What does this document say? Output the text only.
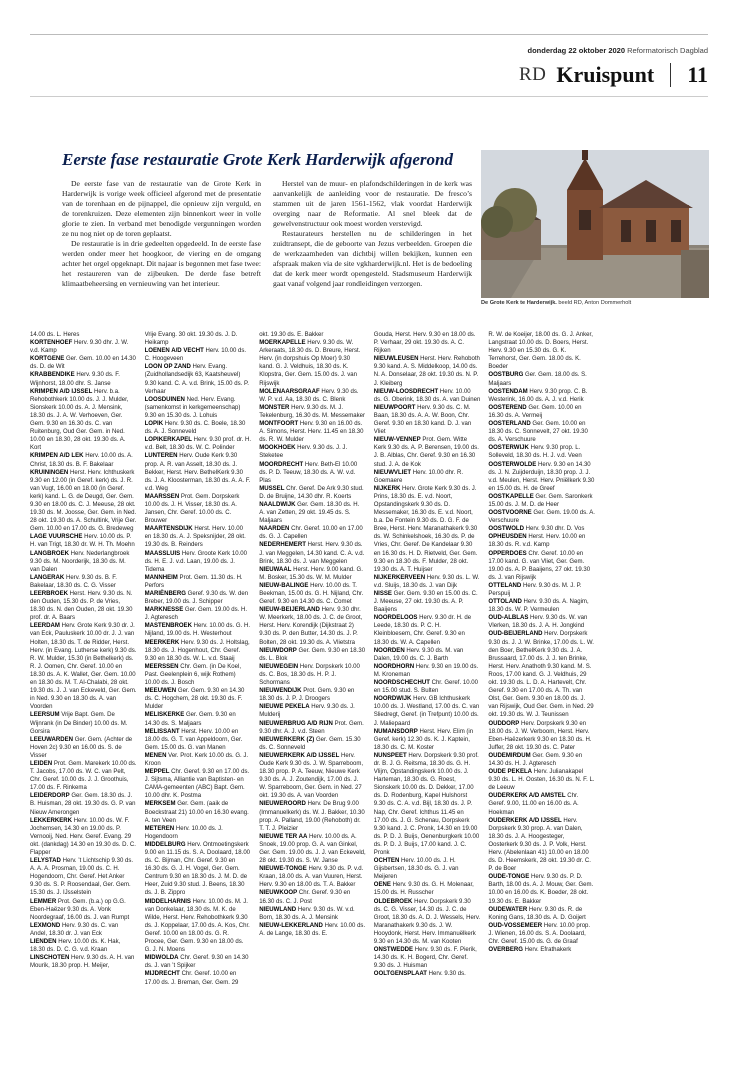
donderdag 22 oktober 2020 Reformatorisch Dagblad
RD Kruispunt 11
Eerste fase restauratie Grote Kerk Harderwijk afgerond

De eerste fase van de restauratie van de Grote Kerk in Harderwijk is vorige week officieel afgerond met de presentatie van de torenhaan en de pijnappel, die opnieuw zijn verguld, en de torenkruizen. Deze elementen zijn binnenkort weer in volle glorie te zien. In verband met benodigde vergunningen worden ze nu nog niet op de toren geplaatst.

De restauratie is in drie gedeelten opgedeeld. In de eerste fase werden onder meer het hoogkoor, de viering en de omgang achter het orgel opgeknapt. Dit najaar is begonnen met fase twee: het restaureren van de zijbeuken. De derde fase betreft klimaatbeheersing en vernieuwing van het interieur.

Herstel van de muur- en plafondschilderingen in de kerk was aanvankelijk de aanleiding voor de restauratie. De fresco’s stammen uit de jaren 1561-1562, vlak voordat Harderwijk overging naar de Reformatie. Al snel bleek dat de gewelvenstructuur ook moest worden verstevigd.

Restaurateurs herstellen nu de schilderingen in het zuidtransept, die de geboorte van Jezus verbeelden. Groepen die de werkzaamheden van dichtbij willen bekijken, kunnen een afspraak maken via de site vgkharderwijk.nl. Het is de bedoeling dat de kerk meer wordt opengesteld. Stadsmuseum Harderwijk gaat vanaf volgend jaar rondleidingen verzorgen.

De Grote Kerk te Harderwijk. beeld RD, Anton Dommerholt

14.00 ds. L. Heres

KORTENHOEF Herv. 9.30 dhr. J. W. v.d. Kamp

KORTGENE Ger. Gem. 10.00 en 14.30 ds. D. de Wit

KRABBENDIKE Herv. 9.30 ds. F. Wijnhorst, 18.00 dhr. S. Janse

KRIMPEN A/D IJSSEL Herv. b.a. Rehobothkerk 10.00 ds. J. J. Mulder, Sionskerk 10.00 ds. A. J. Mensink, 18.30 ds. J. A. W. Verhoeven, Ger. Gem. 9.30 en 16.30 ds. C. van Ruitenburg, Oud Ger. Gem. in Ned. 10.00 en 18.30, 28 okt. 19.30 ds. A. Kort

KRIMPEN A/D LEK Herv. 10.00 ds. A. Christ, 18.30 ds. B. F. Bakelaar

KRUININGEN Herst. Herv. Ichthuskerk 9.30 en 12.00 (in Geref. kerk) ds. J. R. van Vugt, 16.00 en 18.00 (in Geref. kerk) kand. L. G. de Deugd, Ger. Gem. 9.30 en 18.00 ds. C. J. Meeuse, 28 okt. 19.30 ds. M. Joosse, Ger. Gem. in Ned. 28 okt. 19.30 ds. A. Schultink, Vrije Ger. Gem. 10.00 en 17.00 ds. G. Bredeweg

LAGE VUURSCHE Herv. 10.00 ds. P. H. van Trigt, 18.30 dr. W. H. Th. Moehn

LANGBROEK Herv. Nederlangbroek 9.30 ds. M. Noorderijk, 18.30 ds. M. van Dalen

LANGERAK Herv. 9.30 ds. B. F. Bakelaar, 18.30 ds. C. G. Visser

LEERBROEK Herst. Herv. 9.30 ds. N. den Ouden, 15.30 ds. P. de Vries, 18.30 ds. N. den Ouden, 28 okt. 19.30 prof. dr. A. Baars

LEERDAM Herv. Grote Kerk 9.30 dr. J. van Eck, Pauluskerk 10.00 dr. J. J. van Holten, 18.30 ds. T. de Ridder, Herst. Herv. (in Evang. Lutherse kerk) 9.30 ds. R. W. Mulder, 15.30 (in Bethelkerk) ds. R. J. Oomen, Chr. Geref. 10.00 en 18.30 ds. A. K. Wallet, Ger. Gem. 10.00 en 18.30 ds. M. T. Al-Chalabi, 28 okt. 19.30 ds. J. J. van Eckeveld, Ger. Gem. in Ned. 9.30 en 18.30 ds. A. van Voorden

LEERSUM Vrije Bapt. Gem. De Wijnrank (in De Binder) 10.00 ds. M. Gorsira

LEEUWARDEN Ger. Gem. (Achter de Hoven 2c) 9.30 en 16.00 ds. S. de Visser

LEIDEN Prot. Gem. Marekerk 10.00 ds. T. Jacobs, 17.00 ds. W. C. van Pelt, Chr. Geref. 10.00 ds. J. J. Groothuis, 17.00 ds. F. Rinkema

LEIDERDORP Ger. Gem. 18.30 ds. J. B. Huisman, 28 okt. 19.30 ds. G. P. van Nieuw Amerongen

LEKKERKERK Herv. 10.00 ds. W. F. Jochemsen, 14.30 en 19.00 ds. P. Vernooij, Ned. Herv. Geref. Evang. 29 okt. (dankdag) 14.30 en 19.30 ds. D. C. Flapper

LELYSTAD Herv. ’t Lichtschip 9.30 ds. A. A. A. Prosman, 19.00 ds. C. H. Hogendoorn, Chr. Geref. Het Anker 9.30 ds. S. P. Roosendaal, Ger. Gem. 15.30 ds. J. IJsselstein

LEMMER Prot. Gem. (b.a.) op G.G. Eben-Haëzer 9.30 ds. A. Vonk Noordegraaf, 16.00 ds. J. van Rumpt

LEXMOND Herv. 9.30 ds. C. van Andel, 18.30 dr. J. van Eck

LIENDEN Herv. 10.00 ds. K. Hak, 18.30 ds. D. C. G. v.d. Kraan

LINSCHOTEN Herv. 9.30 ds. A. H. van Mourik, 18.30 prop. H. Meijer,

Vrije Evang. 30 okt. 19.30 ds. J. D. Heikamp

LOENEN A/D VECHT Herv. 10.00 ds. C. Hoogeveen

LOON OP ZAND Herv. Evang. (Zuidhollandsedijk 63, Kaatsheuvel) 9.30 kand. C. A. v.d. Brink, 15.00 ds. P. Verhaar

LOOSDUINEN Ned. Herv. Evang. (samenkomst in kerkgemeenschap) 9.30 en 15.30 ds. J. Lohuis

LOPIK Herv. 9.30 ds. C. Boele, 18.30 ds. A. J. Sonneveld

LOPIKERKAPEL Herv. 9.30 prof. dr. H. v.d. Belt, 18.30 ds. W. C. Polinder

LUNTEREN Herv. Oude Kerk 9.30 prop. A. R. van Asselt, 18.30 ds. J. Bekker, Herst. Herv. BethelKerk 9.30 ds. J. A. Kloosterman, 18.30 ds. A. A. F. v.d. Weg

MAARSSEN Prot. Gem. Dorpskerk 10.00 ds. J. H. Visser, 18.30 ds. A. Jansen, Chr. Geref. 10.00 ds. C. Brouwer

MAARTENSDIJK Herst. Herv. 10.00 en 18.30 ds. A. J. Speksnijder, 28 okt. 19.30 ds. B. Reinders

MAASSLUIS Herv. Groote Kerk 10.00 ds. H. E. J. v.d. Laan, 19.00 ds. J. Tidema

MANNHEIM Prot. Gem. 11.30 ds. H. Perfors

MARIËNBERG Geref. 9.30 ds. W. den Breber, 19.00 ds. J. Schipper

MARKNESSE Ger. Gem. 19.00 ds. H. J. Agteresch

MASTENBROEK Herv. 10.00 ds. G. H. Nijland, 19.00 ds. H. Westerhout

MEERKERK Herv. 9.30 ds. J. Holtslag, 18.30 ds. J. Hogenhout, Chr. Geref. 9.30 en 18.30 ds. W. L. v.d. Staaij

MEERSSEN Chr. Gem. (in De Koel, Past. Geelenplein 6, wijk Rothem) 10.00 ds. J. Bosch

MEEUWEN Ger. Gem. 9.30 en 14.30 ds. C. Hogchem, 28 okt. 19.30 ds. F. Mulder

MELISKERKE Ger. Gem. 9.30 en 14.30 ds. S. Maljaars

MELISSANT Herst. Herv. 10.00 en 18.00 ds. G. T. van Appeldoorn, Ger. Gem. 15.00 ds. G. van Manen

MENEN Ver. Prot. Kerk 10.00 ds. G. J. Kroon

MEPPEL Chr. Geref. 9.30 en 17.00 ds. J. Sijtsma, Alliantie van Baptisten- en CAMA-gemeenten (ABC) Bapt. Gem. 10.00 dhr. K. Postma

MERKSEM Ger. Gem. (aaik de Boeckstraat 21) 10.00 en 16.30 evang. A. ten Veen

METEREN Herv. 10.00 ds. J. Hogendoorn

MIDDELBURG Herv. Ontmoetingskerk 9.00 en 11.15 ds. S. A. Doolaard, 18.00 ds. C. Bijman, Chr. Geref. 9.30 en 16.30 ds. G. J. H. Vogel, Ger. Gem. Centrum 9.30 en 18.30 ds. J. M. D. de Heer, Zuid 9.30 stud. J. Beens, 18.30 ds. J. B. Zippro

MIDDELHARNIS Herv. 10.00 ds. M. J. van Donkelaar, 18.30 ds. M. K. de Wilde, Herst. Herv. Rehobothkerk 9.30 ds. J. Koppelaar, 17.00 ds. A. Kos, Chr. Geref. 10.00 en 18.00 ds. G. R. Procee, Ger. Gem. 9.30 en 18.00 ds. G. J. N. Moens

MIDWOLDA Chr. Geref. 9.30 en 14.30 ds. J. van ’t Spijker

MIJDRECHT Chr. Geref. 10.00 en 17.00 ds. J. Breman, Ger. Gem. 29

okt. 19.30 ds. E. Bakker

MOERKAPELLE Herv. 9.30 ds. W. Arkeraats, 18.30 ds. D. Breure, Herst. Herv. (in dorpshuis Op Moer) 9.30 kand. G. J. Veldhuis, 18.30 ds. K. Klopstra, Ger. Gem. 15.00 ds. J. van Rijswijk

MOLENAARSGRAAF Herv. 9.30 ds. W. P. v.d. Aa, 18.30 ds. C. Blenk

MONSTER Herv. 9.30 ds. M. J. Tekelenburg, 16.30 ds. M. Messemaker

MONTFOORT Herv. 9.30 en 16.00 ds. A. Simons, Herst. Herv. 11.45 en 18.30 ds. R. W. Mulder

MOOKHOEK Herv. 9.30 ds. J. J. Steketee

MOORDRECHT Herv. Beth-El 10.00 ds. P. D. Teeuw, 18.30 ds. A. W. v.d. Plas

MUSSEL Chr. Geref. De Ark 9.30 stud. D. de Bruijne, 14.30 dhr. R. Koerts

NAALDWIJK Ger. Gem. 18.30 ds. H. A. van Zetten, 29 okt. 19.45 ds. S. Maljaars

NAARDEN Chr. Geref. 10.00 en 17.00 ds. G. J. Capellen

NEDERHEMERT Herst. Herv. 9.30 ds. J. van Meggelen, 14.30 kand. C. A. v.d. Brink, 18.30 ds. J. van Meggelen

NIEUWAAL Herst. Herv. 9.00 kand. G. M. Bosker, 15.30 ds. W. M. Mulder

NIEUW-BALINGE Herv. 10.00 ds. T. Beekman, 15.00 ds. G. H. Nijland, Chr. Geref. 9.30 en 14.30 ds. C. Comet

NIEUW-BEIJERLAND Herv. 9.30 dhr. W. Meerkerk, 18.00 ds. J. C. de Groot, Herst. Herv. Korendijk (Dijkstraat 2) 9.30 ds. P. den Butter, 14.30 ds. J. P. Bolten, 28 okt. 19.30 ds. A. Vlietstra

NIEUWDORP Ger. Gem. 9.30 en 18.30 ds. L. Blok

NIEUWEGEIN Herv. Dorpskerk 10.00 ds. C. Bos, 18.30 ds. H. P. J. Schormans

NIEUWENDIJK Prot. Gem. 9.30 en 18.30 ds. J. P. J. Droogers

NIEUWE PEKELA Herv. 9.30 ds. J. Mulderij

NIEUWERBRUG A/D RIJN Prot. Gem. 9.30 dhr. A. J. v.d. Steen

NIEUWERKERK (Z) Ger. Gem. 15.30 ds. C. Sonneveld

NIEUWERKERK A/D IJSSEL Herv. Oude Kerk 9.30 ds. J. W. Sparreboom, 18.30 prop. P. A. Teeuw, Nieuwe Kerk 9.30 ds. A. J. Zoutendijk, 17.00 ds. J. W. Sparreboom, Ger. Gem. in Ned. 27 okt. 19.30 ds. A. van Voorden

NIEUWEROORD Herv. De Brug 9.00 (Immanuelkerk) ds. W. J. Bakker, 10.30 prop. A. Palland, 19.00 (Rehoboth) dr. T. T. J. Pleizier

NIEUWE TER AA Herv. 10.00 ds. A. Snoek, 19.00 prop. G. A. van Ginkel, Ger. Gem. 19.00 ds. J. J. van Eckeveld, 28 okt. 19.30 ds. S. W. Janse

NIEUWE-TONGE Herv. 9.30 ds. P. v.d. Kraan, 18.00 ds. A. van Vuuren, Herst. Herv. 9.30 en 18.00 ds. T. A. Bakker

NIEUWKOOP Chr. Geref. 9.30 en 16.30 ds. C. J. Post

NIEUWLAND Herv. 9.30 ds. W. v.d. Born, 18.30 ds. A. J. Mensink

NIEUW-LEKKERLAND Herv. 10.00 ds. A. de Lange, 18.30 ds. E.

Gouda, Herst. Herv. 9.30 en 18.00 ds. P. Verhaar, 29 okt. 19.30 ds. A. C. Rijken

NIEUWLEUSEN Herst. Herv. Rehoboth 9.30 kand. A. S. Middelkoop, 14.00 ds. N. A. Donselaar, 28 okt. 19.30 ds. N. P. J. Kleiberg

NIEUW-LOOSDRECHT Herv. 10.00 ds. G. Oberink, 18.30 ds. A. van Duinen

NIEUWPOORT Herv. 9.30 ds. C. M. Baan, 18.30 ds. A. A. W. Boon, Chr. Geref. 9.30 en 18.30 kand. D. J. van Vliet

NIEUW-VENNEP Prot. Gem. Witte Kerk 9.30 ds. A. P. Berensen, 19.00 ds. J. B. Alblas, Chr. Geref. 9.30 en 16.30 stud. J. A. de Kok

NIEUWVLIET Herv. 10.00 dhr. R. Goemaere

NIJKERK Herv. Grote Kerk 9.30 ds. J. Prins, 18.30 ds. E. v.d. Noort, Opstandingskerk 9.30 ds. D. Messemaker, 16.30 ds. E. v.d. Noort, b.a. De Fontein 9.30 ds. D. G. F. de Bree, Herst. Herv. Maranathakerk 9.30 ds. W. Schinkelshoek, 16.30 ds. P. de Vries, Chr. Geref. De Kandelaar 9.30 en 16.30 ds. H. D. Rietveld, Ger. Gem. 9.30 en 18.30 ds. F. Mulder, 28 okt. 19.30 ds. A. T. Huijser

NIJKERKERVEEN Herv. 9.30 ds. L. W. v.d. Sluijs, 18.30 ds. J. van Dijk

NISSE Ger. Gem. 9.30 en 15.00 ds. C. J. Meeuse, 27 okt. 19.30 ds. A. P. Baaijens

NOORDELOOS Herv. 9.30 dr. H. de Leede, 18.30 ds. P. C. H. Kleinbloesem, Chr. Geref. 9.30 en 18.30 ds. W. A. Capellen

NOORDEN Herv. 9.30 ds. M. van Dalen, 19.00 ds. C. J. Barth

NOORDHORN Herv. 9.30 en 19.00 ds. M. Kroneman

NOORDSCHECHUT Chr. Geref. 10.00 en 15.00 stud. S. Bulten

NOORDWIJK Herv. GB Ichthuskerk 10.00 ds. J. Westland, 17.00 ds. C. van Sliedregt, Geref. (in Trefpunt) 10.00 ds. J. Maliepaard

NUMANSDORP Herst. Herv. Elim (in Geref. kerk) 12.30 ds. K. J. Kaptein, 18.30 ds. C. M. Koster

NUNSPEET Herv. Dorpskerk 9.30 prof. dr. B. J. G. Reitsma, 18.30 ds. G. H. Vlijm, Opstandingskerk 10.00 ds. J. Harteman, 18.30 ds. G. Roest, Sionskerk 10.00 ds. D. Dekker, 17.00 ds. D. Rodenburg, Kapel Hulshorst 9.30 ds. C. A. v.d. Bijl, 18.30 ds. J. P. Nap, Chr. Geref. Ichthus 11.45 en 17.00 ds. J. G. Schenau, Dorpskerk 9.30 kand. J. C. Pronk, 14.30 en 19.00 ds. P. D. J. Buijs, Oenenburgkerk 10.00 ds. P. D. J. Buijs, 17.00 kand. J. C. Pronk

OCHTEN Herv. 10.00 ds. J. H. Gijsbertsen, 18.30 ds. G. J. van Meijeren

OENE Herv. 9.30 ds. G. H. Molenaar, 15.00 ds. H. Russcher

OLDEBROEK Herv. Dorpskerk 9.30 ds. C. G. Visser, 14.30 ds. J. C. de Groot, 18.30 ds. A. D. J. Wessels, Herv. Maranathakerk 9.30 ds. J. W. Hooydonk, Herst. Herv. Immanuëlkerk 9.30 en 14.30 ds. M. van Kooten

ONSTWEDDE Herv. 9.30 ds. F. Pierik, 14.30 ds. K. H. Bogerd, Chr. Geref. 9.30 ds. J. Huisman

OOLTGENSPLAAT Herv. 9.30 ds.

R. W. de Koeijer, 18.00 ds. G. J. Anker, Langstraat 10.00 ds. D. Boers, Herst. Herv. 9.30 en 15.30 ds. G. K. Terrehorst, Ger. Gem. 18.00 ds. K. Boeder

OOSTBURG Ger. Gem. 18.00 ds. S. Maljaars

OOSTENDAM Herv. 9.30 prop. C. B. Westerink, 16.00 ds. A. J. v.d. Herik

OOSTEREND Ger. Gem. 10.00 en 16.30 ds. A. Vermeij

OOSTERLAND Ger. Gem. 10.00 en 18.30 ds. C. Sonnevelt, 27 okt. 19.30 ds. A. Verschuure

OOSTERWIJK Herv. 9.30 prop. L. Solleveld, 18.30 ds. H. J. v.d. Veen

OOSTERWOLDE Herv. 9.30 en 14.30 ds. J. N. Zuijderduijn, 18.30 prop. J. J. v.d. Meulen, Herst. Herv. Pniëlkerk 9.30 en 15.00 ds. H. de Greef

OOSTKAPELLE Ger. Gem. Saronkerk 15.00 ds. J. M. D. de Heer

OOSTVOORNE Ger. Gem. 19.00 ds. A. Verschuure

OOSTWOLD Herv. 9.30 dhr. D. Vos

OPHEUSDEN Herst. Herv. 10.00 en 18.30 ds. R. v.d. Kamp

OPPERDOES Chr. Geref. 10.00 en 17.00 kand. G. van Vliet, Ger. Gem. 19.00 ds. A. P. Baaijens, 27 okt. 19.30 ds. J. van Rijswijk

OTTELAND Herv. 9.30 ds. M. J. P. Perspuij

OTTOLAND Herv. 9.30 ds. A. Nagim, 18.30 ds. W. P. Vermeulen

OUD-ALBLAS Herv. 9.30 ds. W. van Vlerken, 18.30 ds. J. A. H. Jongkind

OUD-BEIJERLAND Herv. Dorpskerk 9.30 ds. J. J. W. Brinke, 17.00 ds. L. W. den Boer, BethelKerk 9.30 ds. J. A. Brussaard, 17.00 ds. J. J. ten Brinke, Herst. Herv. Anathoth 9.30 kand. M. S. Roos, 17.00 kand. G. J. Veldhuis, 29 okt. 19.30 ds. L. D. A. Hartevelt, Chr. Geref. 9.30 en 17.00 ds. A. Th. van Olst, Ger. Gem. 9.30 en 18.00 ds. J. van Rijswijk, Oud Ger. Gem. in Ned. 29 okt. 19.30 ds. W. J. Teunissen

OUDDORP Herv. Dorpskerk 9.30 en 18.00 ds. J. W. Verboom, Herst. Herv. Eben-Haëzerkerk 9.30 en 18.30 ds. H. Juffer, 28 okt. 19.30 ds. C. Pater

OUDEMIRDUM Ger. Gem. 9.30 en 14.30 ds. H. J. Agteresch

OUDE PEKELA Herv. Julianakapel 9.30 ds. L. H. Oosten, 16.30 ds. N. F. L. de Leeuw

OUDERKERK A/D AMSTEL Chr. Geref. 9.00, 11.00 en 16.00 ds. A. Hoekman

OUDERKERK A/D IJSSEL Herv. Dorpskerk 9.30 prop. A. van Dalen, 18.30 ds. J. A. Hoogesteger, Oosterkerk 9.30 ds. J. P. Volk, Herst. Herv. (Abelenlaan 41) 10.00 en 18.00 ds. D. Heemskerk, 28 okt. 19.30 dr. C. P. de Boer

OUDE-TONGE Herv. 9.30 ds. P. D. Barth, 18.00 ds. A. J. Mouw, Ger. Gem. 10.00 en 16.00 ds. K. Boeder, 28 okt. 19.30 ds. E. Bakker

OUDEWATER Herv. 9.30 ds. R. de Koning Gans, 18.30 ds. A. D. Goijert

OUD-VOSSEMEER Herv. 10.00 prop. J. Wienen, 16.00 ds. S. A. Doolaard, Chr. Geref. 15.00 ds. G. de Graaf

OVERBERG Herv. Efrathakerk
